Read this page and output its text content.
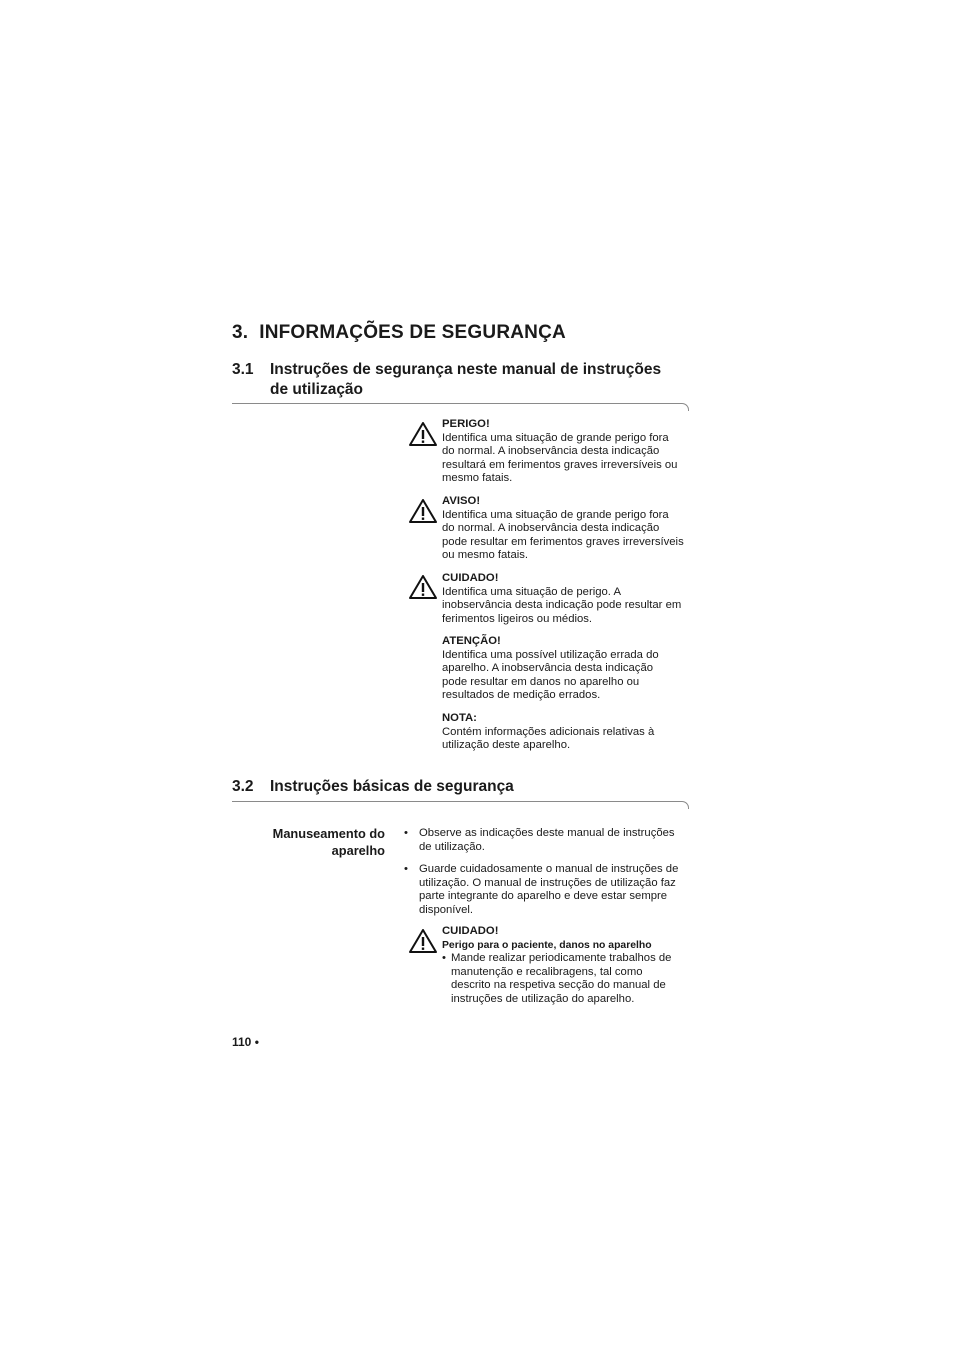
3. INFORMAÇÕES DE SEGURANÇA
3.1 Instruções de segurança neste manual de instruções
de utilização
PERIGO!
Identifica uma situação de grande perigo fora
do normal. A inobservância desta indicação
resultará em ferimentos graves irreversíveis ou
mesmo fatais.
AVISO!
Identifica uma situação de grande perigo fora
do normal. A inobservância desta indicação
pode resultar em ferimentos graves irreversíveis
ou mesmo fatais.
CUIDADO!
Identifica uma situação de perigo. A
inobservância desta indicação pode resultar em
ferimentos ligeiros ou médios.
ATENÇÃO!
Identifica uma possível utilização errada do
aparelho. A inobservância desta indicação
pode resultar em danos no aparelho ou
resultados de medição errados.
NOTA:
Contém informações adicionais relativas à
utilização deste aparelho.
3.2 Instruções básicas de segurança
Manuseamento do
aparelho
• Observe as indicações deste manual de instruções
de utilização.
• Guarde cuidadosamente o manual de instruções de
utilização. O manual de instruções de utilização faz
parte integrante do aparelho e deve estar sempre
disponível.
CUIDADO!
Perigo para o paciente, danos no aparelho
• Mande realizar periodicamente trabalhos de
manutenção e recalibragens, tal como
descrito na respetiva secção do manual de
instruções de utilização do aparelho.
110 •
